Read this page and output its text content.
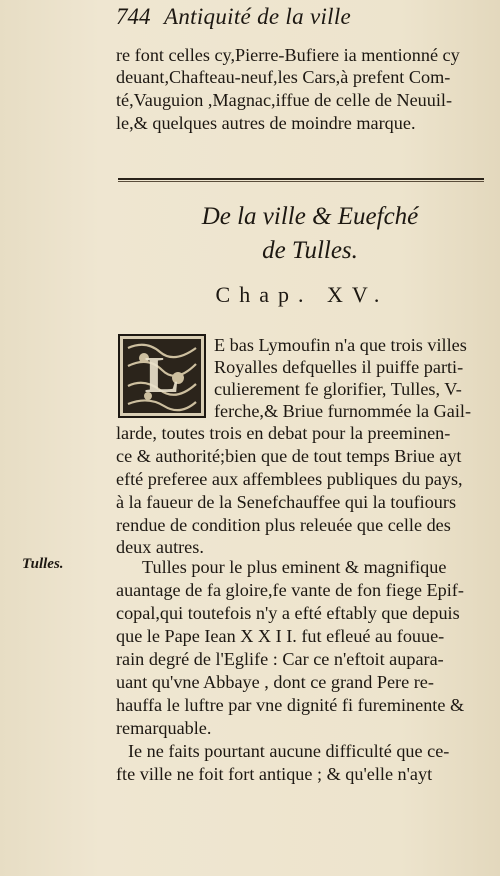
744 Antiquité de la ville
re font celles cy,Pierre-Bufiere ia mentionné cy
deuant,Chafteau-neuf,les Cars,à prefent Com-
té,Vauguion ,Magnac,iffue de celle de Neuuil-
le,& quelques autres de moindre marque.
De la ville & Euefché
de Tulles.
Chap. XV.
L
E bas Lymoufin n'a que trois villes
Royalles defquelles il puiffe parti-
culierement fe glorifier, Tulles, V-
ferche,& Briue furnommée la Gail-
larde, toutes trois en debat pour la preeminen-
ce & authorité;bien que de tout temps Briue ayt
efté preferee aux affemblees publiques du pays,
à la faueur de la Senefchauffee qui la toufiours
rendue de condition plus releuée que celle des
deux autres.
Tulles.	Tulles pour le plus eminent & magnifique
auantage de fa gloire,fe vante de fon fiege Epif-
copal,qui toutefois n'y a efté eftably que depuis
que le Pape Iean X X I I. fut efleué au fouue-
rain degré de l'Eglife : Car ce n'eftoit aupara-
uant qu'vne Abbaye , dont ce grand Pere re-
hauffa le luftre par vne dignité fi fureminente &
remarquable.
Ie ne faits pourtant aucune difficulté que ce-
fte ville ne foit fort antique ; & qu'elle n'ayt
